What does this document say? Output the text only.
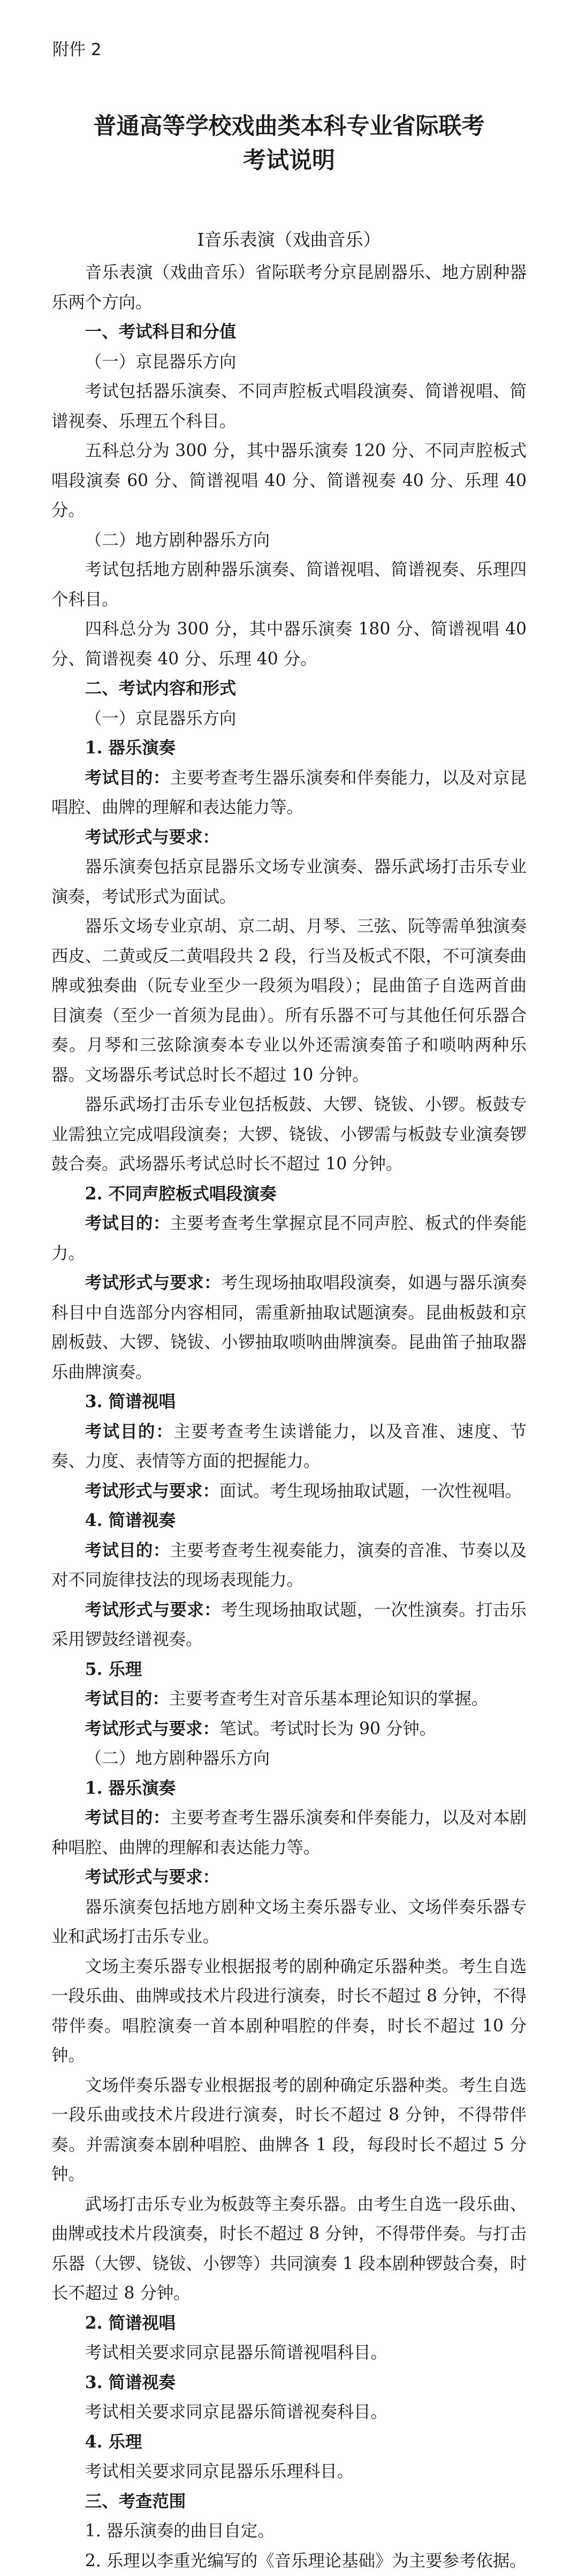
附件 2
普通高等学校戏曲类本科专业省际联考
考试说明
Ⅰ音乐表演（戏曲音乐）

音乐表演（戏曲音乐）省际联考分京昆剧器乐、地方剧种器乐两个方向。

一、考试科目和分值

（一）京昆器乐方向

考试包括器乐演奏、不同声腔板式唱段演奏、简谱视唱、简谱视奏、乐理五个科目。

五科总分为 300 分，其中器乐演奏 120 分、不同声腔板式唱段演奏 60 分、简谱视唱 40 分、简谱视奏 40 分、乐理 40 分。

（二）地方剧种器乐方向

考试包括地方剧种器乐演奏、简谱视唱、简谱视奏、乐理四个科目。

四科总分为 300 分，其中器乐演奏 180 分、简谱视唱 40 分、简谱视奏 40 分、乐理 40 分。

二、考试内容和形式

（一）京昆器乐方向

1. 器乐演奏

考试目的：主要考查考生器乐演奏和伴奏能力，以及对京昆唱腔、曲牌的理解和表达能力等。

考试形式与要求：

器乐演奏包括京昆器乐文场专业演奏、器乐武场打击乐专业演奏，考试形式为面试。

器乐文场专业京胡、京二胡、月琴、三弦、阮等需单独演奏西皮、二黄或反二黄唱段共 2 段，行当及板式不限，不可演奏曲牌或独奏曲（阮专业至少一段须为唱段）；昆曲笛子自选两首曲目演奏（至少一首须为昆曲）。所有乐器不可与其他任何乐器合奏。月琴和三弦除演奏本专业以外还需演奏笛子和唢呐两种乐器。文场器乐考试总时长不超过 10 分钟。

器乐武场打击乐专业包括板鼓、大锣、铙钹、小锣。板鼓专业需独立完成唱段演奏；大锣、铙钹、小锣需与板鼓专业演奏锣鼓合奏。武场器乐考试总时长不超过 10 分钟。

2. 不同声腔板式唱段演奏

考试目的：主要考查考生掌握京昆不同声腔、板式的伴奏能力。

考试形式与要求：考生现场抽取唱段演奏，如遇与器乐演奏科目中自选部分内容相同，需重新抽取试题演奏。昆曲板鼓和京剧板鼓、大锣、铙钹、小锣抽取唢呐曲牌演奏。昆曲笛子抽取器乐曲牌演奏。

3. 简谱视唱

考试目的：主要考查考生读谱能力，以及音准、速度、节奏、力度、表情等方面的把握能力。

考试形式与要求：面试。考生现场抽取试题，一次性视唱。

4. 简谱视奏

考试目的：主要考查考生视奏能力，演奏的音准、节奏以及对不同旋律技法的现场表现能力。

考试形式与要求：考生现场抽取试题，一次性演奏。打击乐采用锣鼓经谱视奏。

5. 乐理

考试目的：主要考查考生对音乐基本理论知识的掌握。

考试形式与要求：笔试。考试时长为 90 分钟。

（二）地方剧种器乐方向

1. 器乐演奏

考试目的：主要考查考生器乐演奏和伴奏能力，以及对本剧种唱腔、曲牌的理解和表达能力等。

考试形式与要求：

器乐演奏包括地方剧种文场主奏乐器专业、文场伴奏乐器专业和武场打击乐专业。

文场主奏乐器专业根据报考的剧种确定乐器种类。考生自选一段乐曲、曲牌或技术片段进行演奏，时长不超过 8 分钟，不得带伴奏。唱腔演奏一首本剧种唱腔的伴奏，时长不超过 10 分钟。

文场伴奏乐器专业根据报考的剧种确定乐器种类。考生自选一段乐曲或技术片段进行演奏，时长不超过 8 分钟，不得带伴奏。并需演奏本剧种唱腔、曲牌各 1 段，每段时长不超过 5 分钟。

武场打击乐专业为板鼓等主奏乐器。由考生自选一段乐曲、曲牌或技术片段演奏，时长不超过 8 分钟，不得带伴奏。与打击乐器（大锣、铙钹、小锣等）共同演奏 1 段本剧种锣鼓合奏，时长不超过 8 分钟。

2. 简谱视唱

考试相关要求同京昆器乐简谱视唱科目。

3. 简谱视奏

考试相关要求同京昆器乐简谱视奏科目。

4. 乐理

考试相关要求同京昆器乐乐理科目。

三、考查范围

1. 器乐演奏的曲目自定。

2. 乐理以李重光编写的《音乐理论基础》为主要参考依据。
